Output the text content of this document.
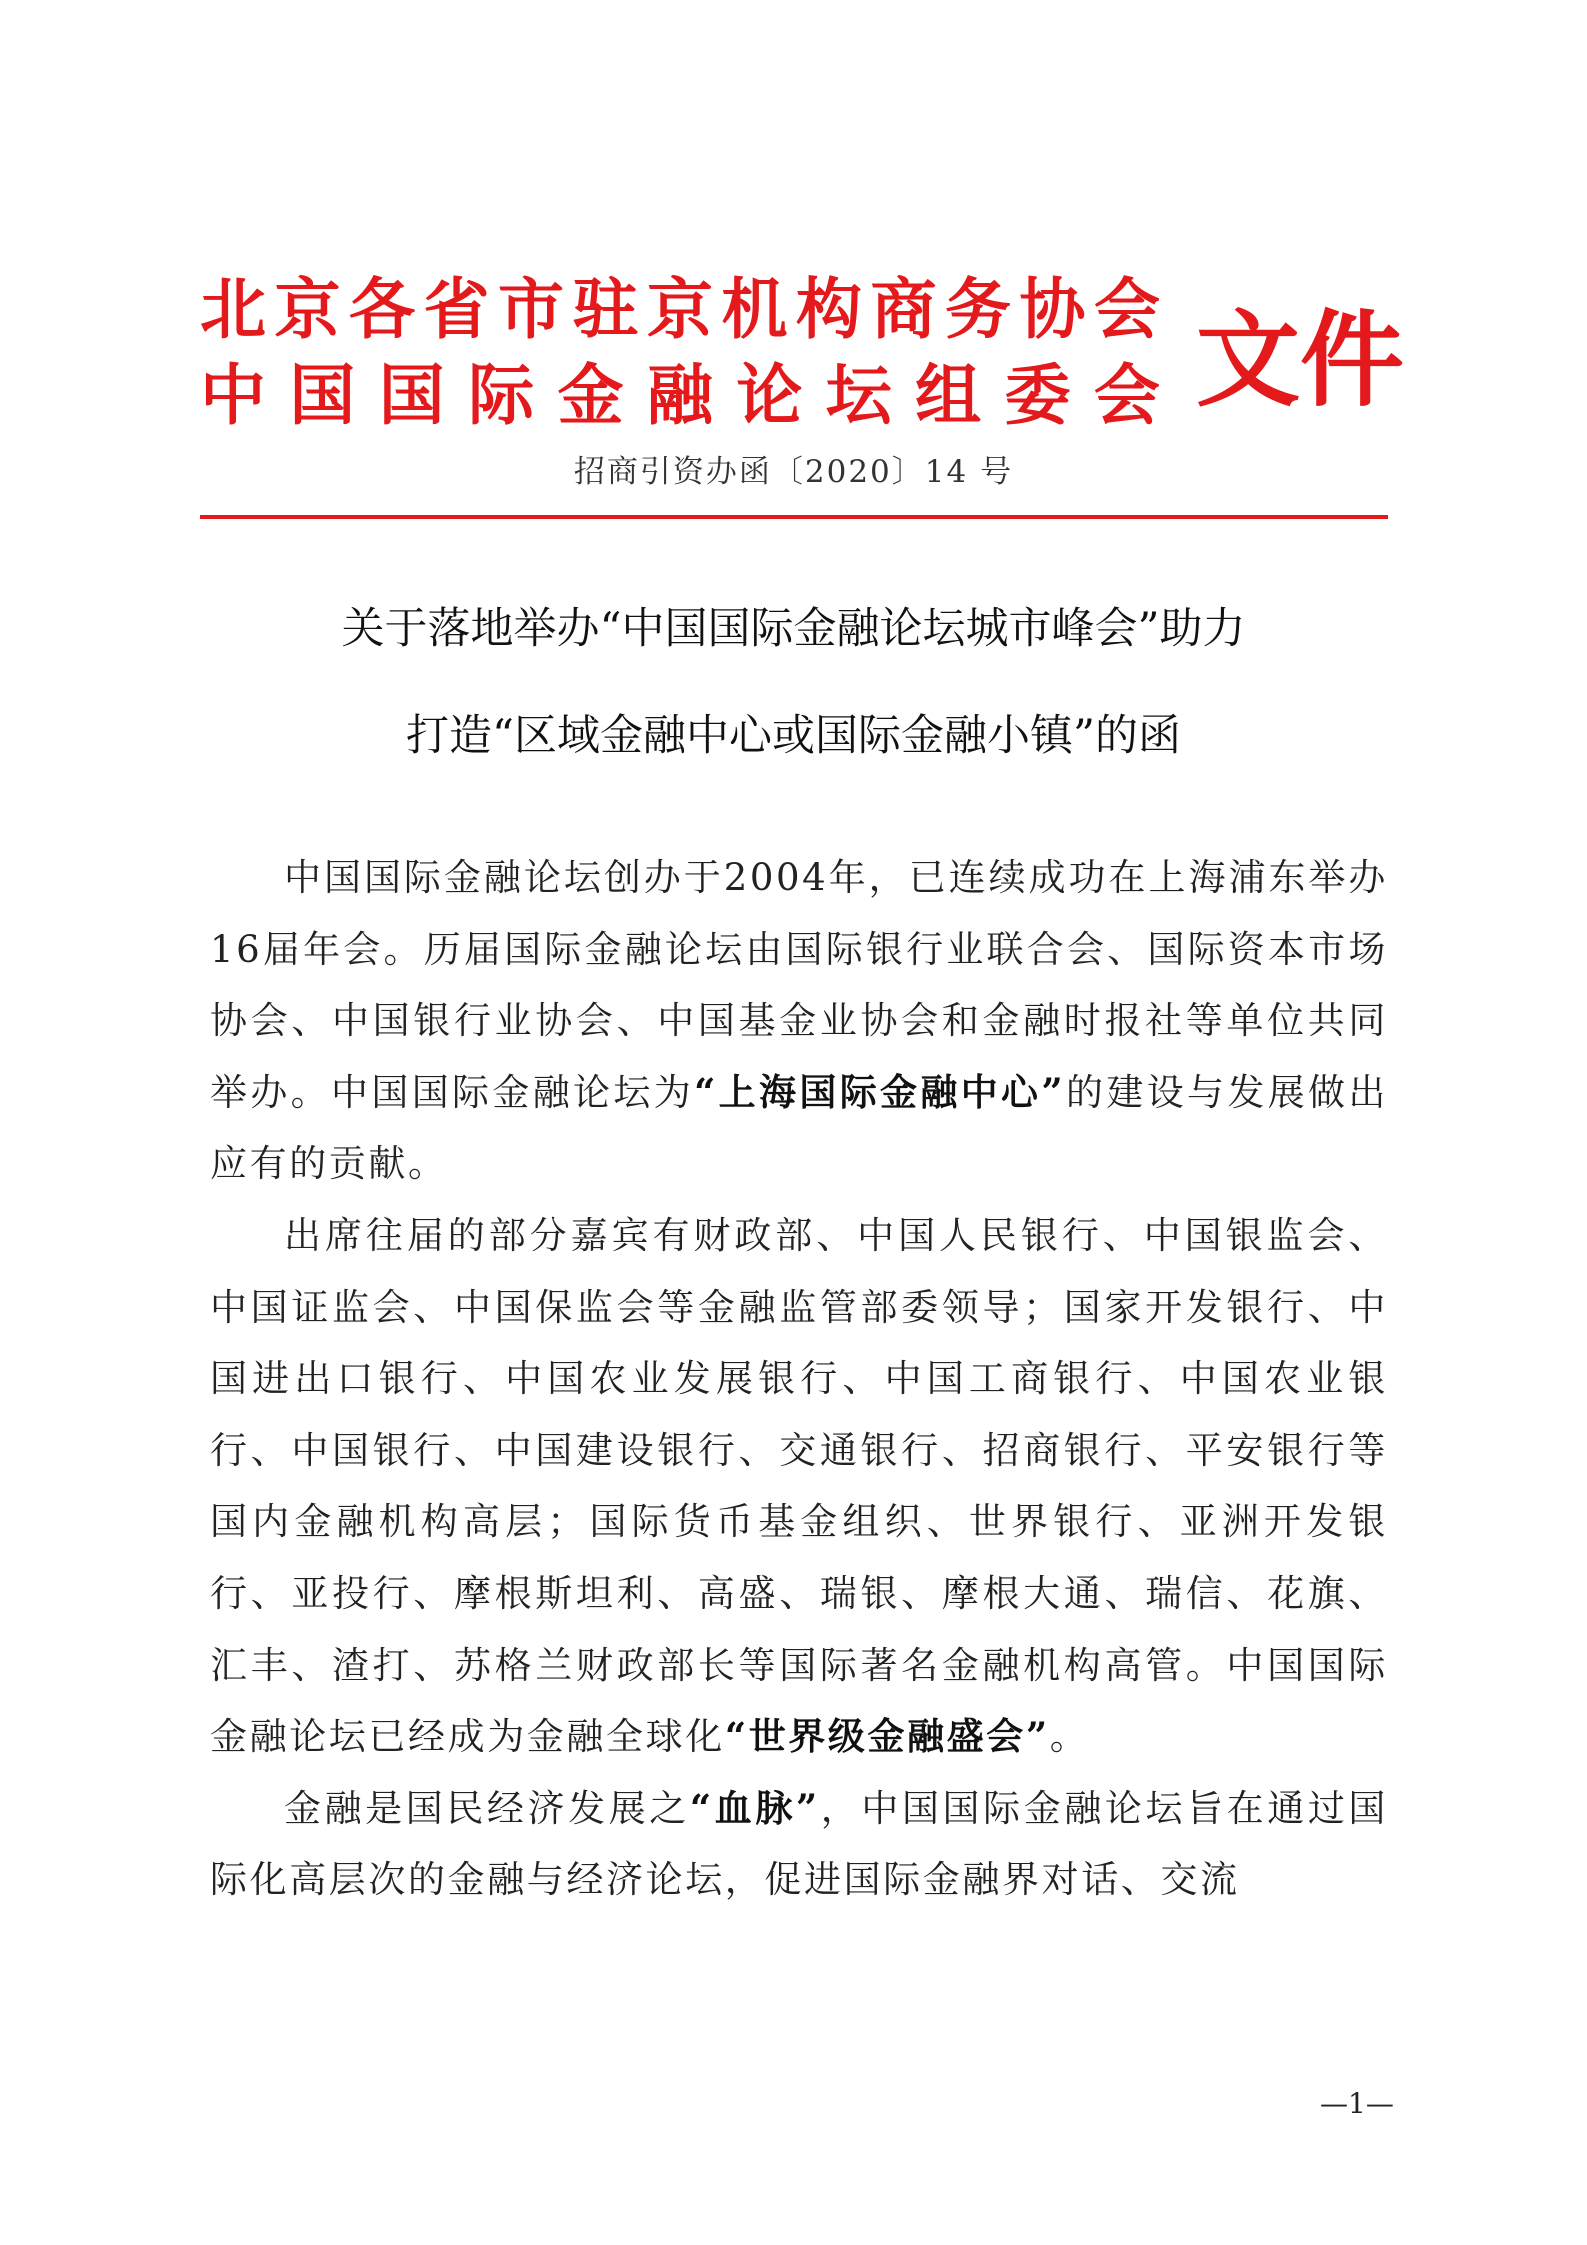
北 京 各 省 市 驻 京 机 构 商 务 协 会
中 国 国 际 金 融 论 坛 组 委 会 文件
招商引资办函〔2020〕14 号
关于落地举办“中国国际金融论坛城市峰会”助力
打造“区域金融中心或国际金融小镇”的函

中国国际金融论坛创办于2004年，已连续成功在上海浦东举办16届年会。历届国际金融论坛由国际银行业联合会、国际资本市场协会、中国银行业协会、中国基金业协会和金融时报社等单位共同举办。中国国际金融论坛为“上海国际金融中心”的建设与发展做出应有的贡献。

出席往届的部分嘉宾有财政部、中国人民银行、中国银监会、中国证监会、中国保监会等金融监管部委领导；国家开发银行、中国进出口银行、中国农业发展银行、中国工商银行、中国农业银行、中国银行、中国建设银行、交通银行、招商银行、平安银行等国内金融机构高层；国际货币基金组织、世界银行、亚洲开发银行、亚投行、摩根斯坦利、高盛、瑞银、摩根大通、瑞信、花旗、汇丰、渣打、苏格兰财政部长等国际著名金融机构高管。中国国际金融论坛已经成为金融全球化“世界级金融盛会”。

金融是国民经济发展之“血脉”，中国国际金融论坛旨在通过国际化高层次的金融与经济论坛，促进国际金融界对话、交流

—1—
